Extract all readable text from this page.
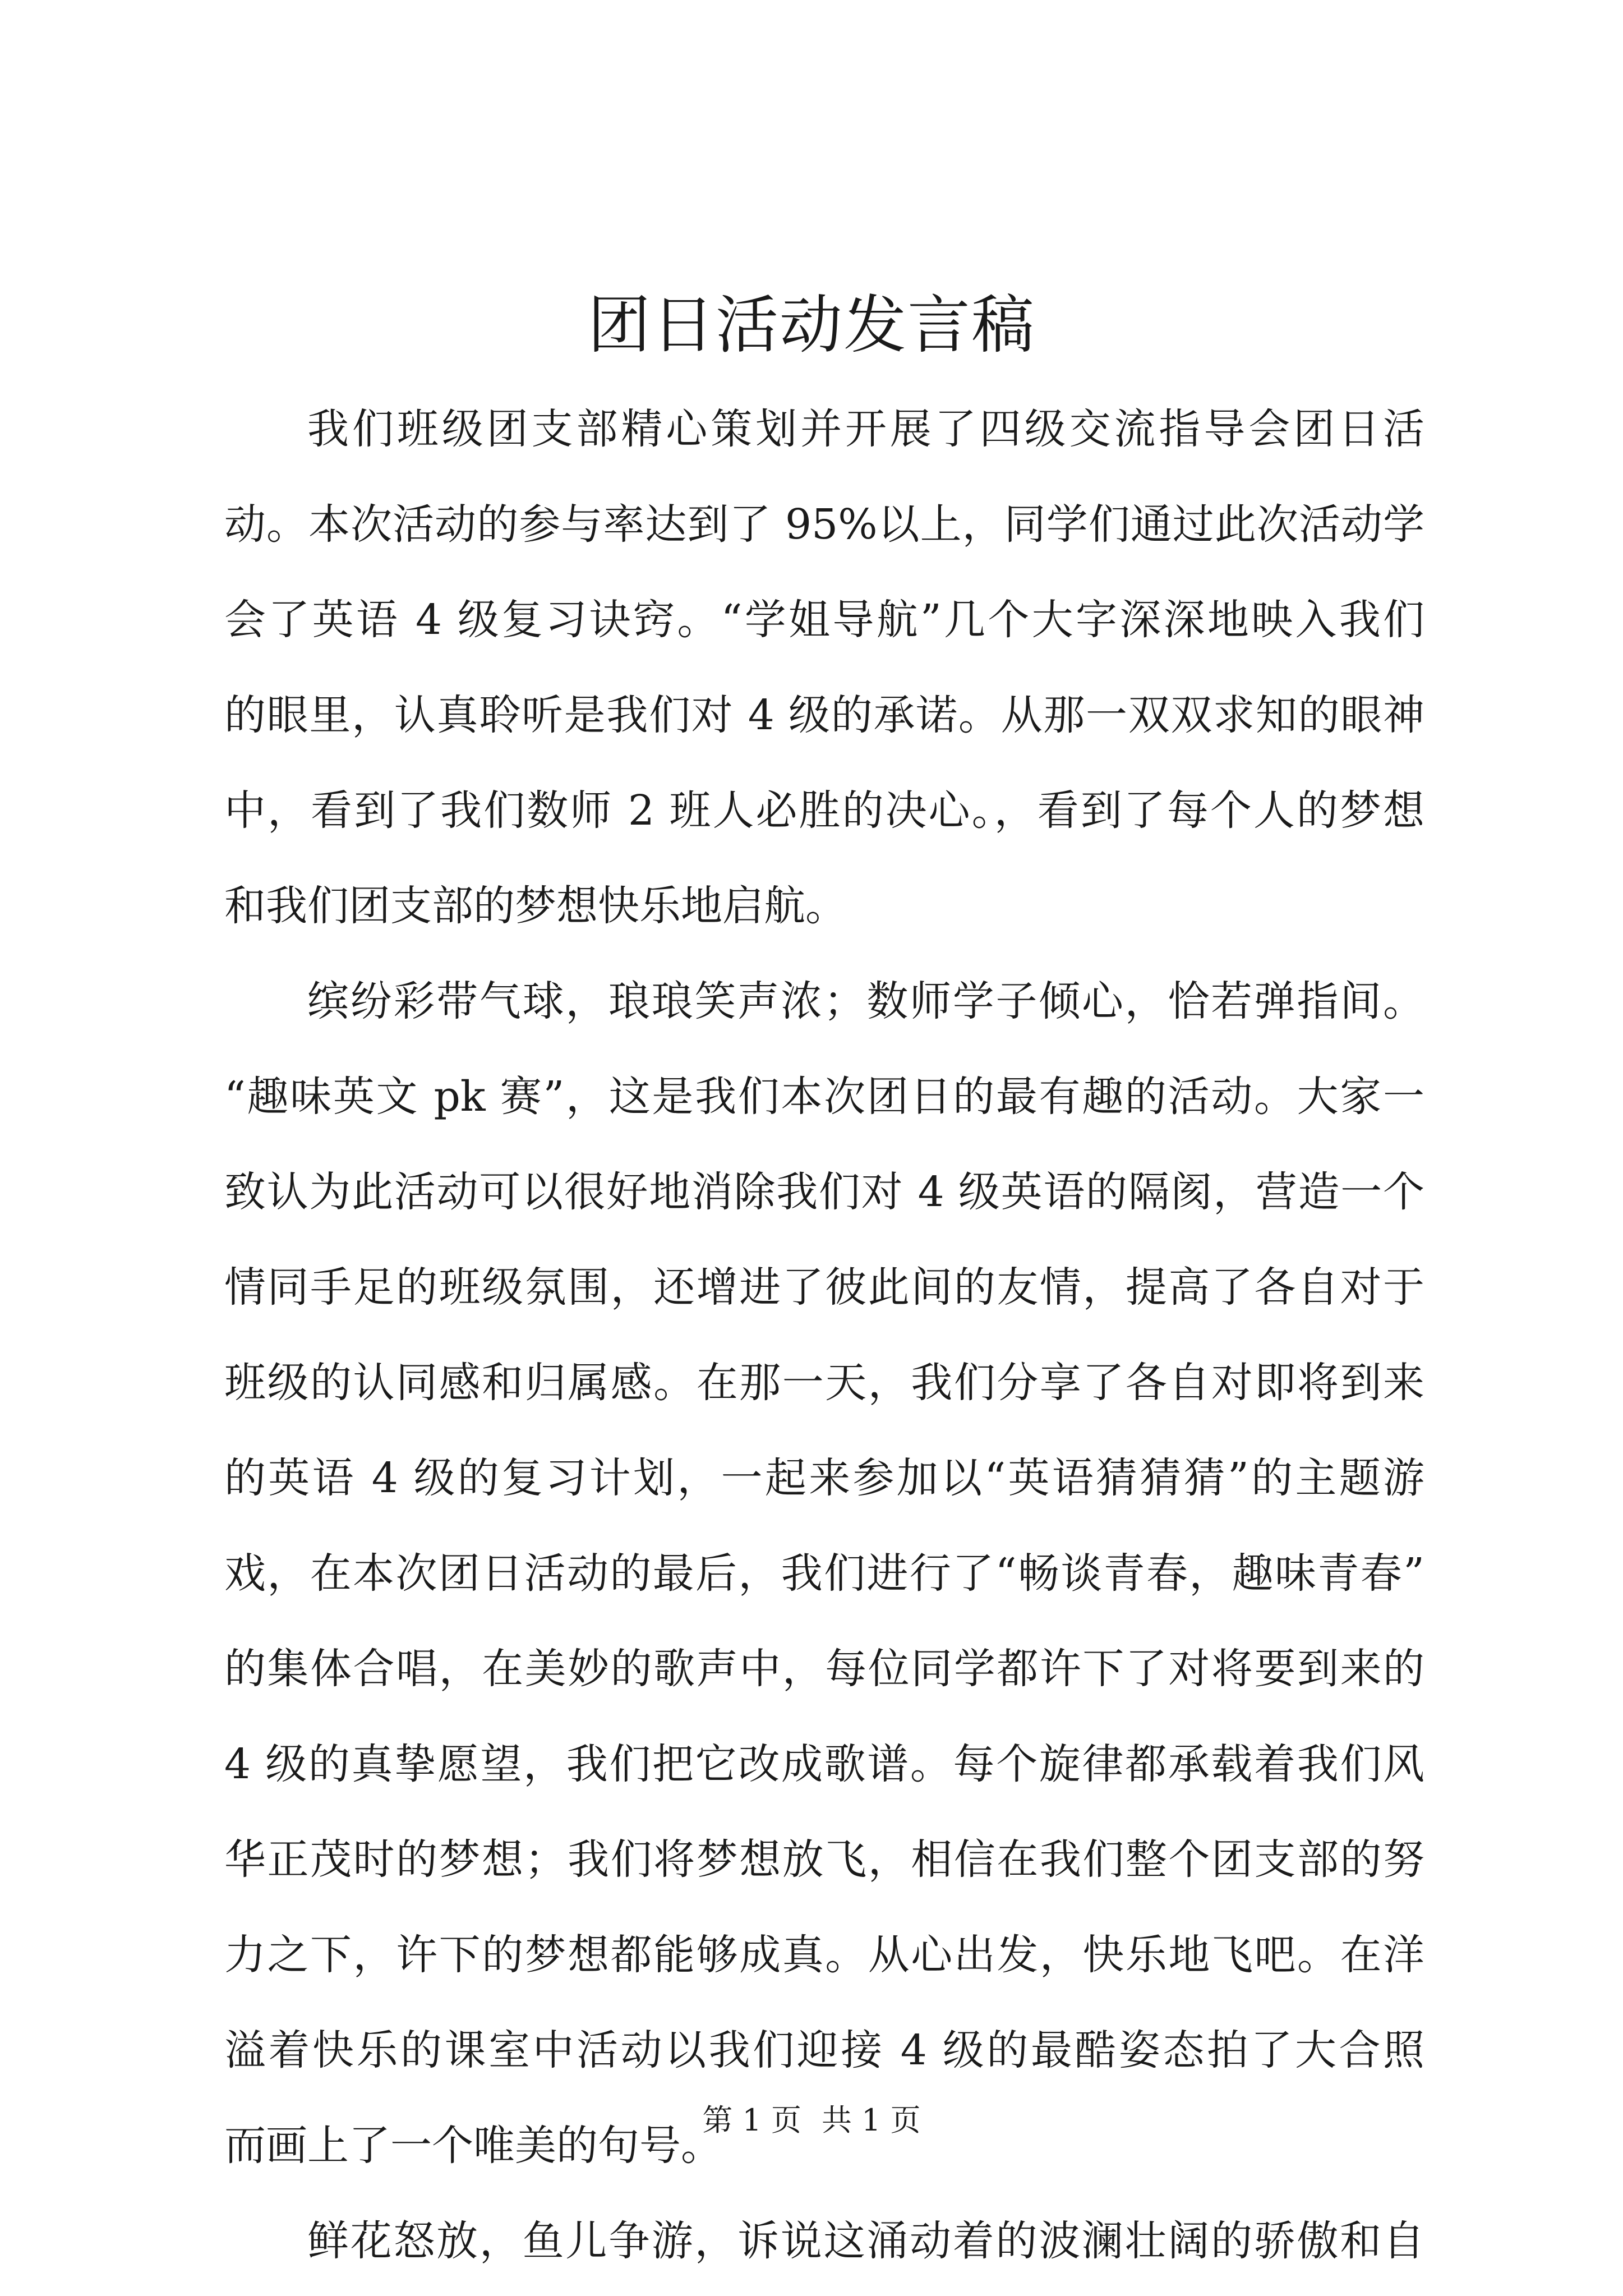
团日活动发言稿
我们班级团支部精心策划并开展了四级交流指导会团日活
动。本次活动的参与率达到了 95%以上，同学们通过此次活动学
会了英语 4 级复习诀窍。“学姐导航”几个大字深深地映入我们
的眼里，认真聆听是我们对 4 级的承诺。从那一双双求知的眼神
中，看到了我们数师 2 班人必胜的决心。，看到了每个人的梦想
和我们团支部的梦想快乐地启航。
缤纷彩带气球，琅琅笑声浓；数师学子倾心，恰若弹指间。
“趣味英文 pk 赛”，这是我们本次团日的最有趣的活动。大家一
致认为此活动可以很好地消除我们对 4 级英语的隔阂，营造一个
情同手足的班级氛围，还增进了彼此间的友情，提高了各自对于
班级的认同感和归属感。在那一天，我们分享了各自对即将到来
的英语 4 级的复习计划，一起来参加以“英语猜猜猜”的主题游
戏，在本次团日活动的最后，我们进行了“畅谈青春，趣味青春”
的集体合唱，在美妙的歌声中，每位同学都许下了对将要到来的
4 级的真挚愿望，我们把它改成歌谱。每个旋律都承载着我们风
华正茂时的梦想；我们将梦想放飞，相信在我们整个团支部的努
力之下，许下的梦想都能够成真。从心出发，快乐地飞吧。在洋
溢着快乐的课室中活动以我们迎接 4 级的最酷姿态拍了大合照
而画上了一个唯美的句号。
鲜花怒放，鱼儿争游，诉说这涌动着的波澜壮阔的骄傲和自
第 1 页 共 1 页
